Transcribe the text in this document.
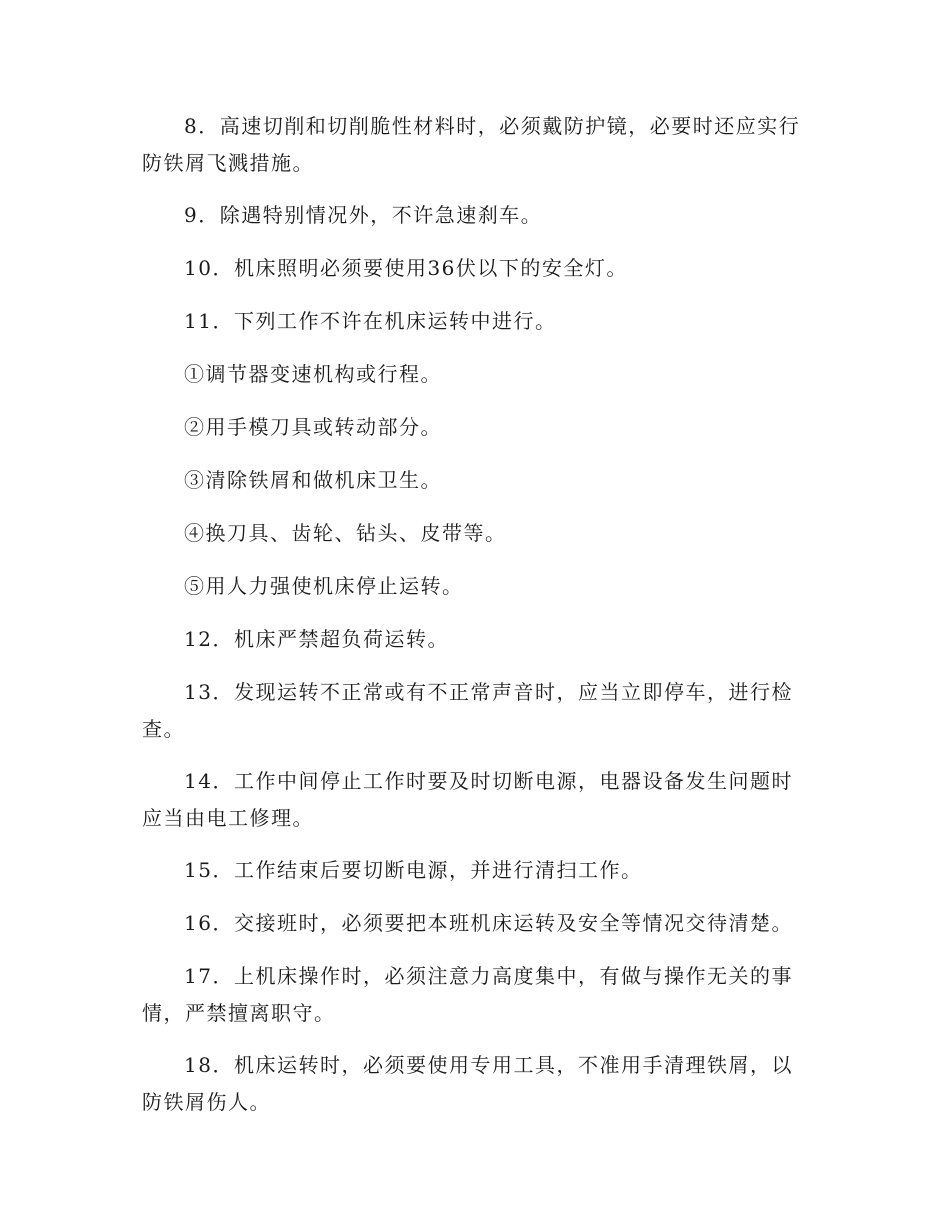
8．高速切削和切削脆性材料时，必须戴防护镜，必要时还应实行防铁屑飞溅措施。

9．除遇特别情况外，不许急速刹车。

10．机床照明必须要使用36伏以下的安全灯。

11．下列工作不许在机床运转中进行。

①调节器变速机构或行程。

②用手模刀具或转动部分。

③清除铁屑和做机床卫生。

④换刀具、齿轮、钻头、皮带等。

⑤用人力强使机床停止运转。

12．机床严禁超负荷运转。

13．发现运转不正常或有不正常声音时，应当立即停车，进行检查。

14．工作中间停止工作时要及时切断电源，电器设备发生问题时应当由电工修理。

15．工作结束后要切断电源，并进行清扫工作。

16．交接班时，必须要把本班机床运转及安全等情况交待清楚。

17．上机床操作时，必须注意力高度集中，有做与操作无关的事情，严禁擅离职守。

18．机床运转时，必须要使用专用工具，不准用手清理铁屑，以防铁屑伤人。
